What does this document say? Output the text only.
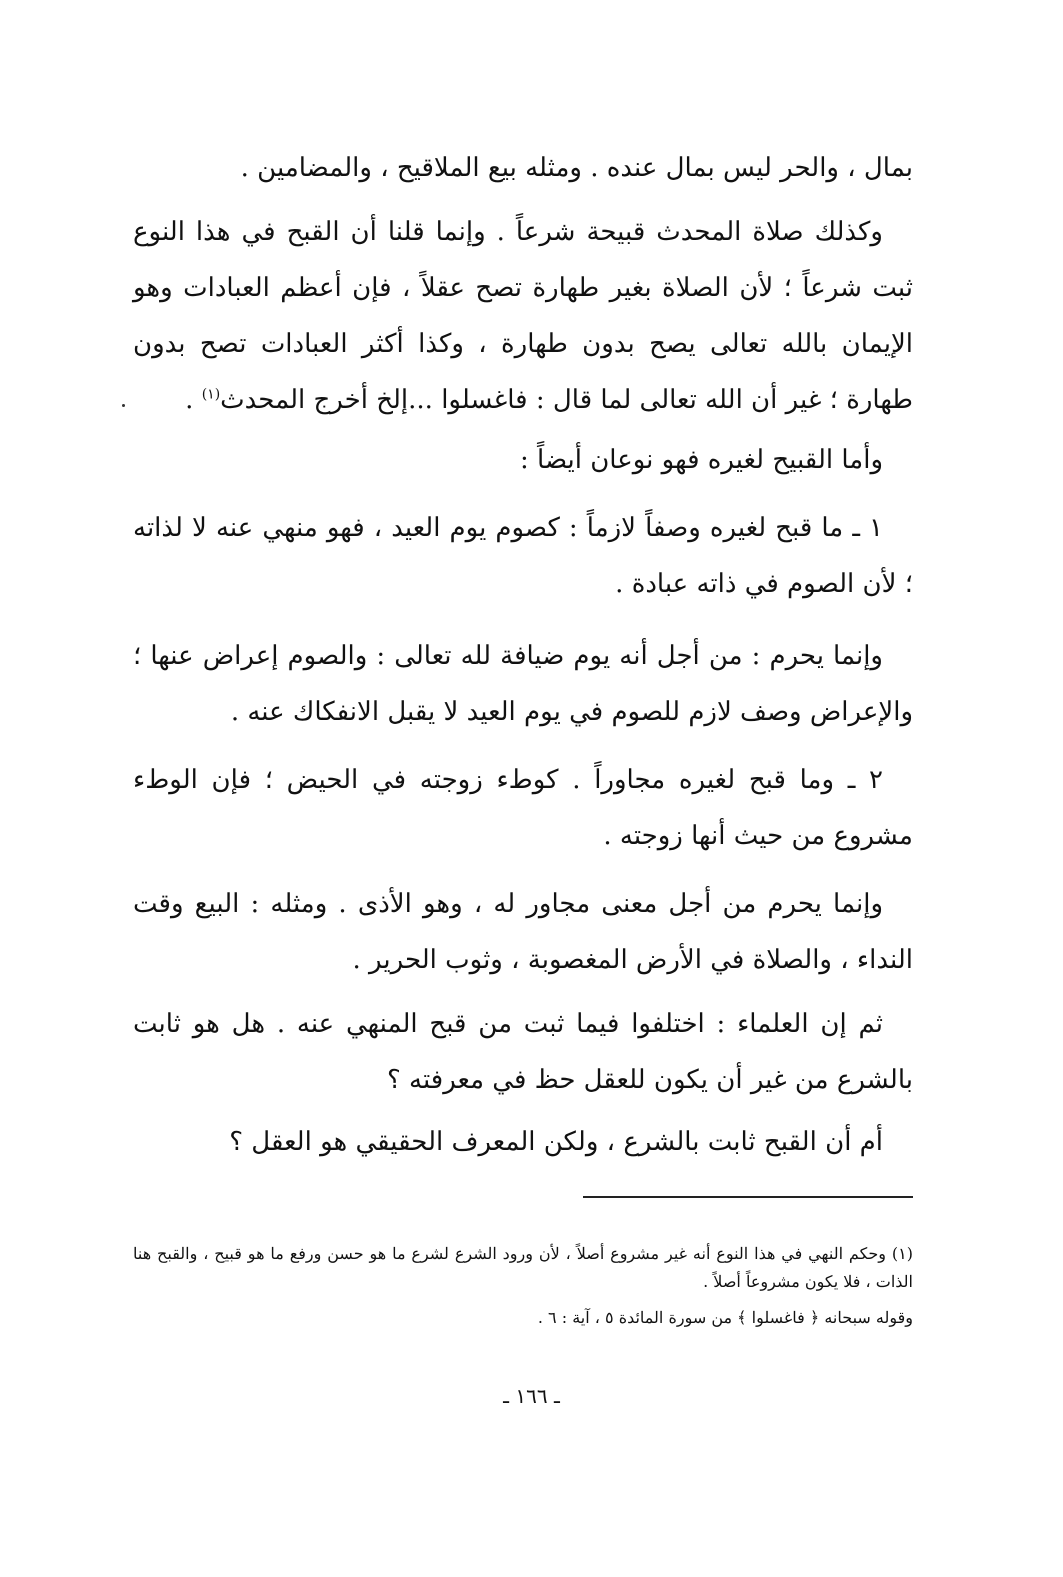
بمال ، والحر ليس بمال عنده . ومثله بيع الملاقيح ، والمضامين .

وكذلك صلاة المحدث قبيحة شرعاً . وإنما قلنا أن القبح في هذا النوع ثبت شرعاً ؛ لأن الصلاة بغير طهارة تصح عقلاً ، فإن أعظم العبادات وهو الإيمان بالله تعالى يصح بدون طهارة ، وكذا أكثر العبادات تصح بدون طهارة ؛ غير أن الله تعالى لما قال : فاغسلوا ...إلخ أخرج المحدث$^{(١)}$ .

وأما القبيح لغيره فهو نوعان أيضاً :

١ ـ ما قبح لغيره وصفاً لازماً : كصوم يوم العيد ، فهو منهي عنه لا لذاته ؛ لأن الصوم في ذاته عبادة .

وإنما يحرم : من أجل أنه يوم ضيافة لله تعالى : والصوم إعراض عنها ؛ والإعراض وصف لازم للصوم في يوم العيد لا يقبل الانفكاك عنه .

٢ ـ وما قبح لغيره مجاوراً . كوطء زوجته في الحيض ؛ فإن الوطء مشروع من حيث أنها زوجته .

وإنما يحرم من أجل معنى مجاور له ، وهو الأذى . ومثله : البيع وقت النداء ، والصلاة في الأرض المغصوبة ، وثوب الحرير .

ثم إن العلماء : اختلفوا فيما ثبت من قبح المنهي عنه . هل هو ثابت بالشرع من غير أن يكون للعقل حظ في معرفته ؟

أم أن القبح ثابت بالشرع ، ولكن المعرف الحقيقي هو العقل ؟

(١) وحكم النهي في هذا النوع أنه غير مشروع أصلاً ، لأن ورود الشرع لشرع ما هو حسن ورفع ما هو قبيح ، والقبح هنا الذات ، فلا يكون مشروعاً أصلاً .

وقوله سبحانه ﴿ فاغسلوا ﴾ من سورة المائدة ٥ ، آية : ٦ .

ـ ١٦٦ ـ
